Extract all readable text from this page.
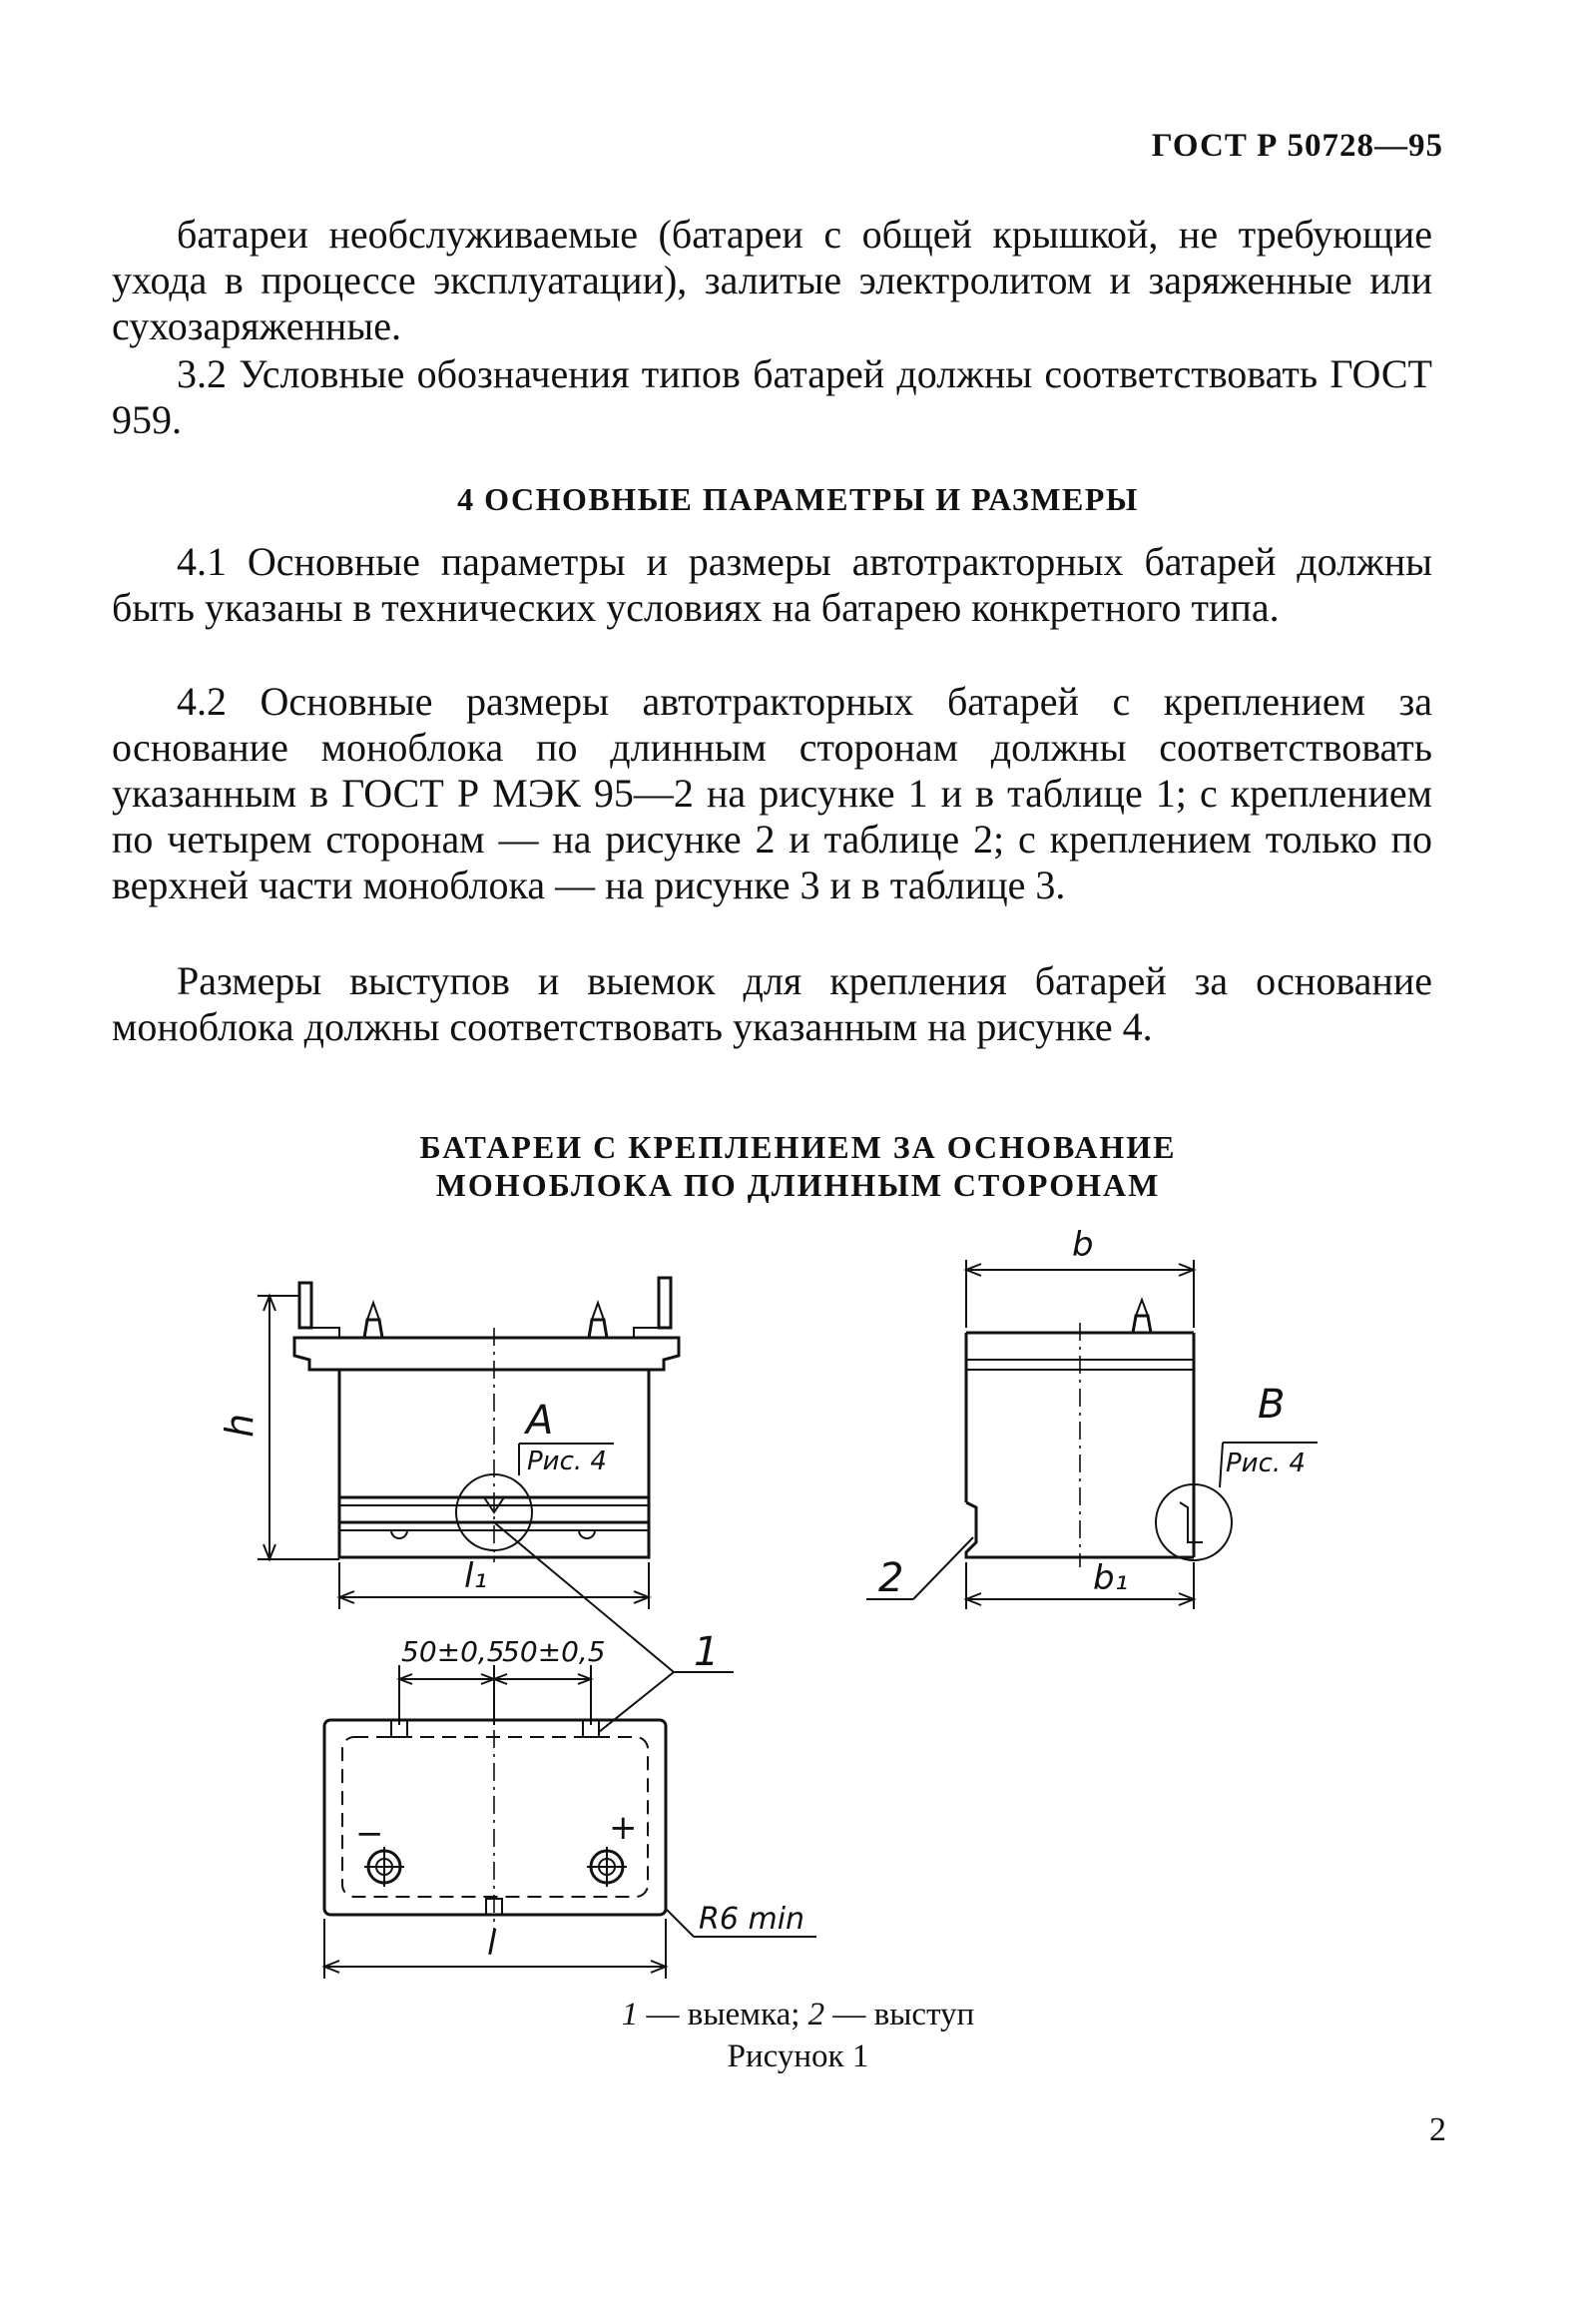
ГОСТ Р 50728—95

батареи необслуживаемые (батареи с общей крышкой, не требующие ухода в процессе эксплуатации), залитые электролитом и заряженные или сухозаряженные.

3.2 Условные обозначения типов батарей должны соответствовать ГОСТ 959.

4 ОСНОВНЫЕ ПАРАМЕТРЫ И РАЗМЕРЫ

4.1 Основные параметры и размеры автотракторных батарей должны быть указаны в технических условиях на батарею конкретного типа.

4.2 Основные размеры автотракторных батарей с креплением за основание моноблока по длинным сторонам должны соответствовать указанным в ГОСТ Р МЭК 95—2 на рисунке 1 и в таблице 1; с креплением по четырем сторонам — на рисунке 2 и таблице 2; с креплением только по верхней части моноблока — на рисунке 3 и в таблице 3.

Размеры выступов и выемок для крепления батарей за основание моноблока должны соответствовать указанным на рисунке 4.

БАТАРЕИ С КРЕПЛЕНИЕМ ЗА ОСНОВАНИЕ
МОНОБЛОКА ПО ДЛИННЫМ СТОРОНАМ
h
l₁
A
Рис. 4
b
B
Рис. 4
b₁
2
50±0,5
50±0,5
−	+
l
R6 min
1
1 — выемка; 2 — выступ
Рисунок 1
2
